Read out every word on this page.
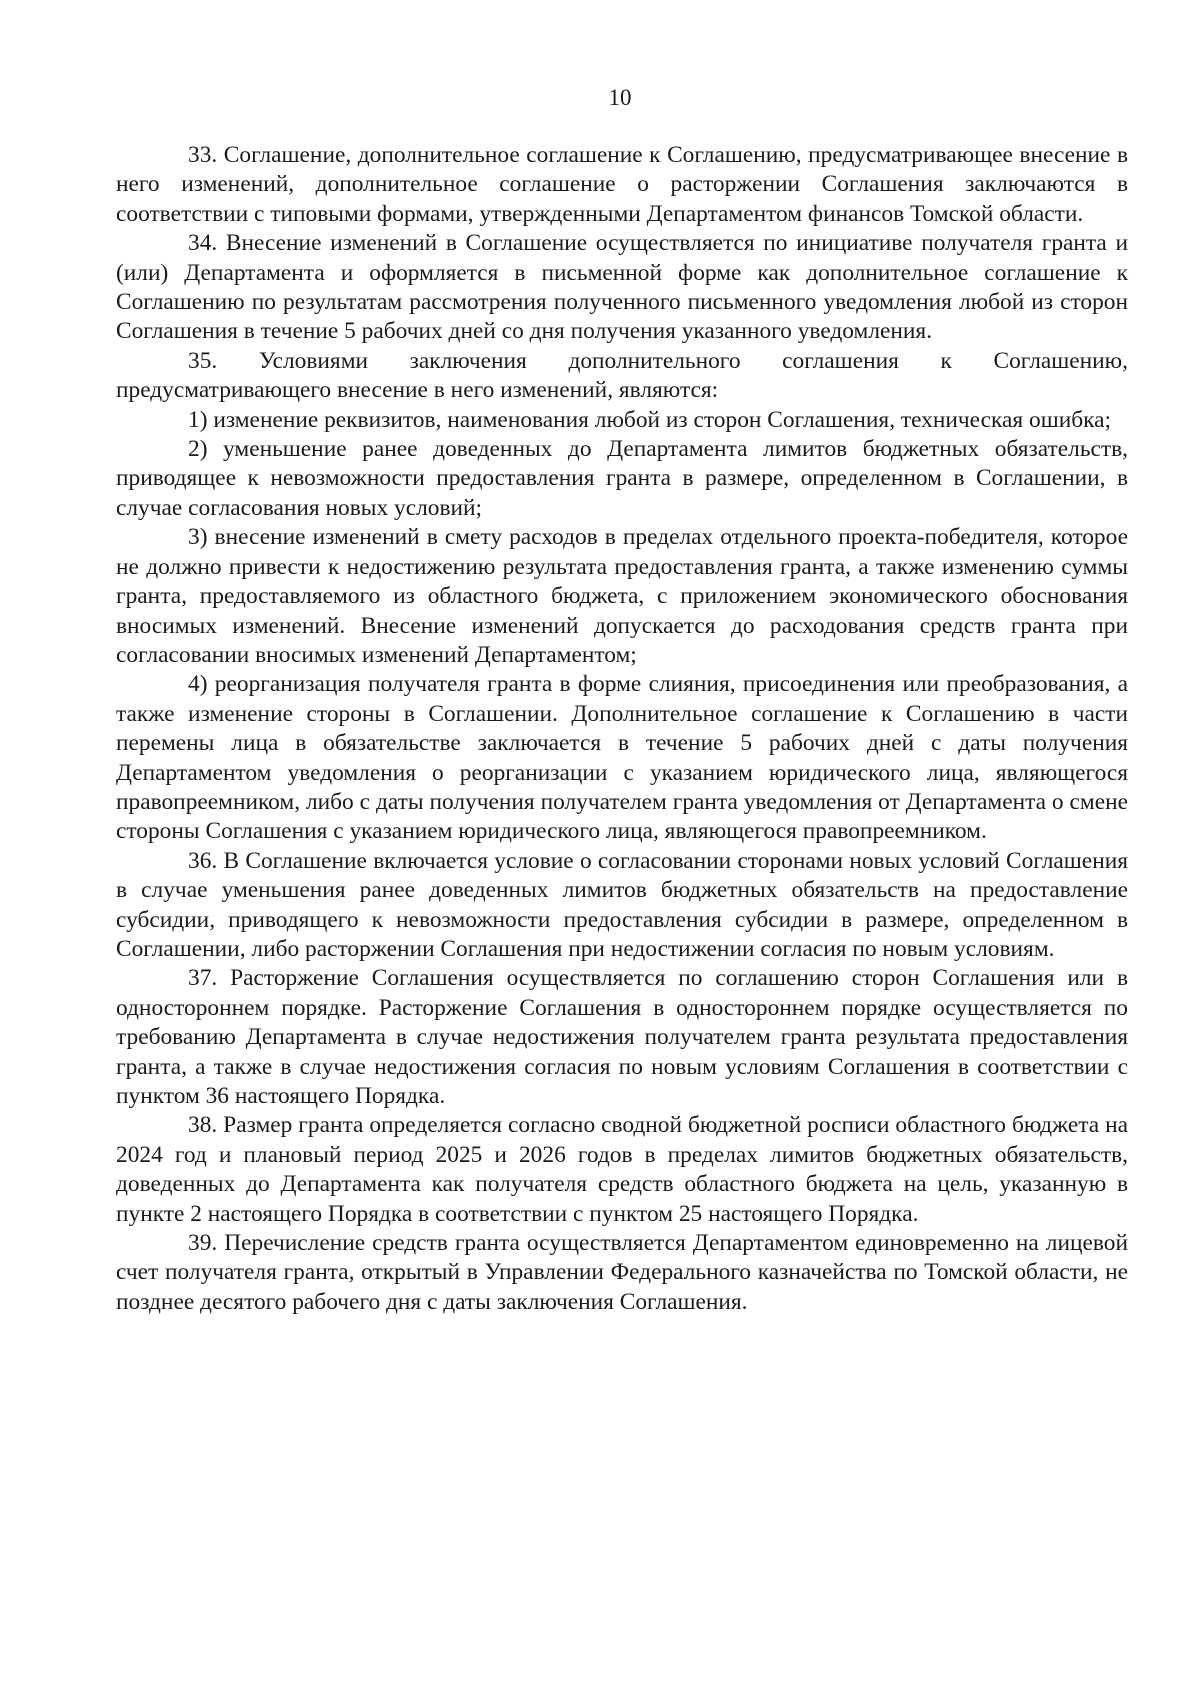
10

33. Соглашение, дополнительное соглашение к Соглашению, предусматривающее внесение в него изменений, дополнительное соглашение о расторжении Соглашения заключаются в соответствии с типовыми формами, утвержденными Департаментом финансов Томской области.

34. Внесение изменений в Соглашение осуществляется по инициативе получателя гранта и (или) Департамента и оформляется в письменной форме как дополнительное соглашение к Соглашению по результатам рассмотрения полученного письменного уведомления любой из сторон Соглашения в течение 5 рабочих дней со дня получения указанного уведомления.

35. Условиями заключения дополнительного соглашения к Соглашению, предусматривающего внесение в него изменений, являются:

1) изменение реквизитов, наименования любой из сторон Соглашения, техническая ошибка;

2) уменьшение ранее доведенных до Департамента лимитов бюджетных обязательств, приводящее к невозможности предоставления гранта в размере, определенном в Соглашении, в случае согласования новых условий;

3) внесение изменений в смету расходов в пределах отдельного проекта-победителя, которое не должно привести к недостижению результата предоставления гранта, а также изменению суммы гранта, предоставляемого из областного бюджета, с приложением экономического обоснования вносимых изменений. Внесение изменений допускается до расходования средств гранта при согласовании вносимых изменений Департаментом;

4) реорганизация получателя гранта в форме слияния, присоединения или преобразования, а также изменение стороны в Соглашении. Дополнительное соглашение к Соглашению в части перемены лица в обязательстве заключается в течение 5 рабочих дней с даты получения Департаментом уведомления о реорганизации с указанием юридического лица, являющегося правопреемником, либо с даты получения получателем гранта уведомления от Департамента о смене стороны Соглашения с указанием юридического лица, являющегося правопреемником.

36. В Соглашение включается условие о согласовании сторонами новых условий Соглашения в случае уменьшения ранее доведенных лимитов бюджетных обязательств на предоставление субсидии, приводящего к невозможности предоставления субсидии в размере, определенном в Соглашении, либо расторжении Соглашения при недостижении согласия по новым условиям.

37. Расторжение Соглашения осуществляется по соглашению сторон Соглашения или в одностороннем порядке. Расторжение Соглашения в одностороннем порядке осуществляется по требованию Департамента в случае недостижения получателем гранта результата предоставления гранта, а также в случае недостижения согласия по новым условиям Соглашения в соответствии с пунктом 36 настоящего Порядка.

38. Размер гранта определяется согласно сводной бюджетной росписи областного бюджета на 2024 год и плановый период 2025 и 2026 годов в пределах лимитов бюджетных обязательств, доведенных до Департамента как получателя средств областного бюджета на цель, указанную в пункте 2 настоящего Порядка в соответствии с пунктом 25 настоящего Порядка.

39. Перечисление средств гранта осуществляется Департаментом единовременно на лицевой счет получателя гранта, открытый в Управлении Федерального казначейства по Томской области, не позднее десятого рабочего дня с даты заключения Соглашения.
